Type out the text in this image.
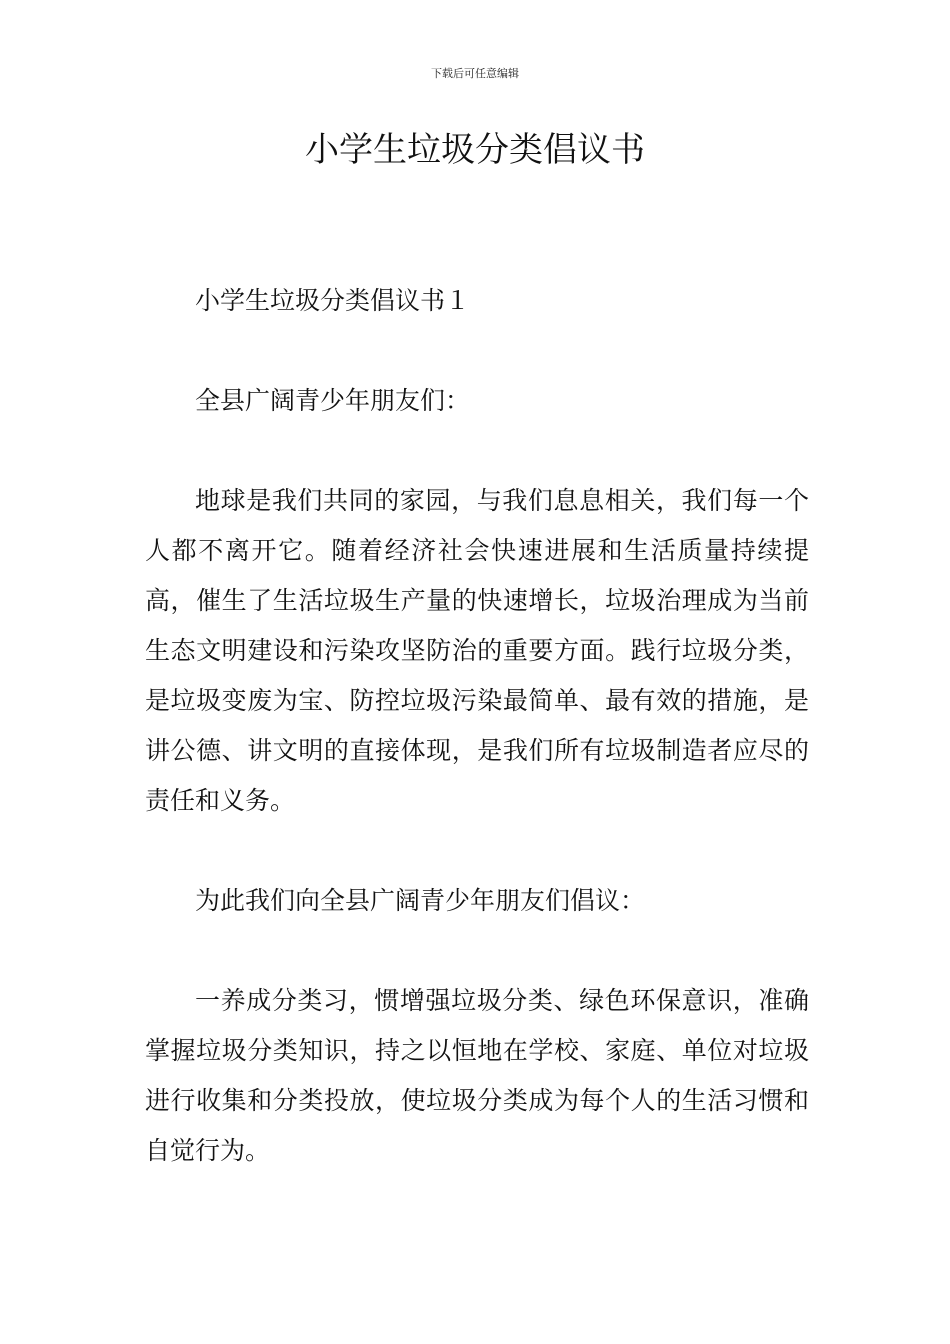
下载后可任意编辑
小学生垃圾分类倡议书

小学生垃圾分类倡议书１

全县广阔青少年朋友们：

地球是我们共同的家园，与我们息息相关，我们每一个人都不离开它。随着经济社会快速进展和生活质量持续提高，催生了生活垃圾生产量的快速增长，垃圾治理成为当前生态文明建设和污染攻坚防治的重要方面。践行垃圾分类，是垃圾变废为宝、防控垃圾污染最简单、最有效的措施，是讲公德、讲文明的直接体现，是我们所有垃圾制造者应尽的责任和义务。

为此我们向全县广阔青少年朋友们倡议：

一养成分类习，惯增强垃圾分类、绿色环保意识，准确掌握垃圾分类知识，持之以恒地在学校、家庭、单位对垃圾进行收集和分类投放，使垃圾分类成为每个人的生活习惯和自觉行为。
